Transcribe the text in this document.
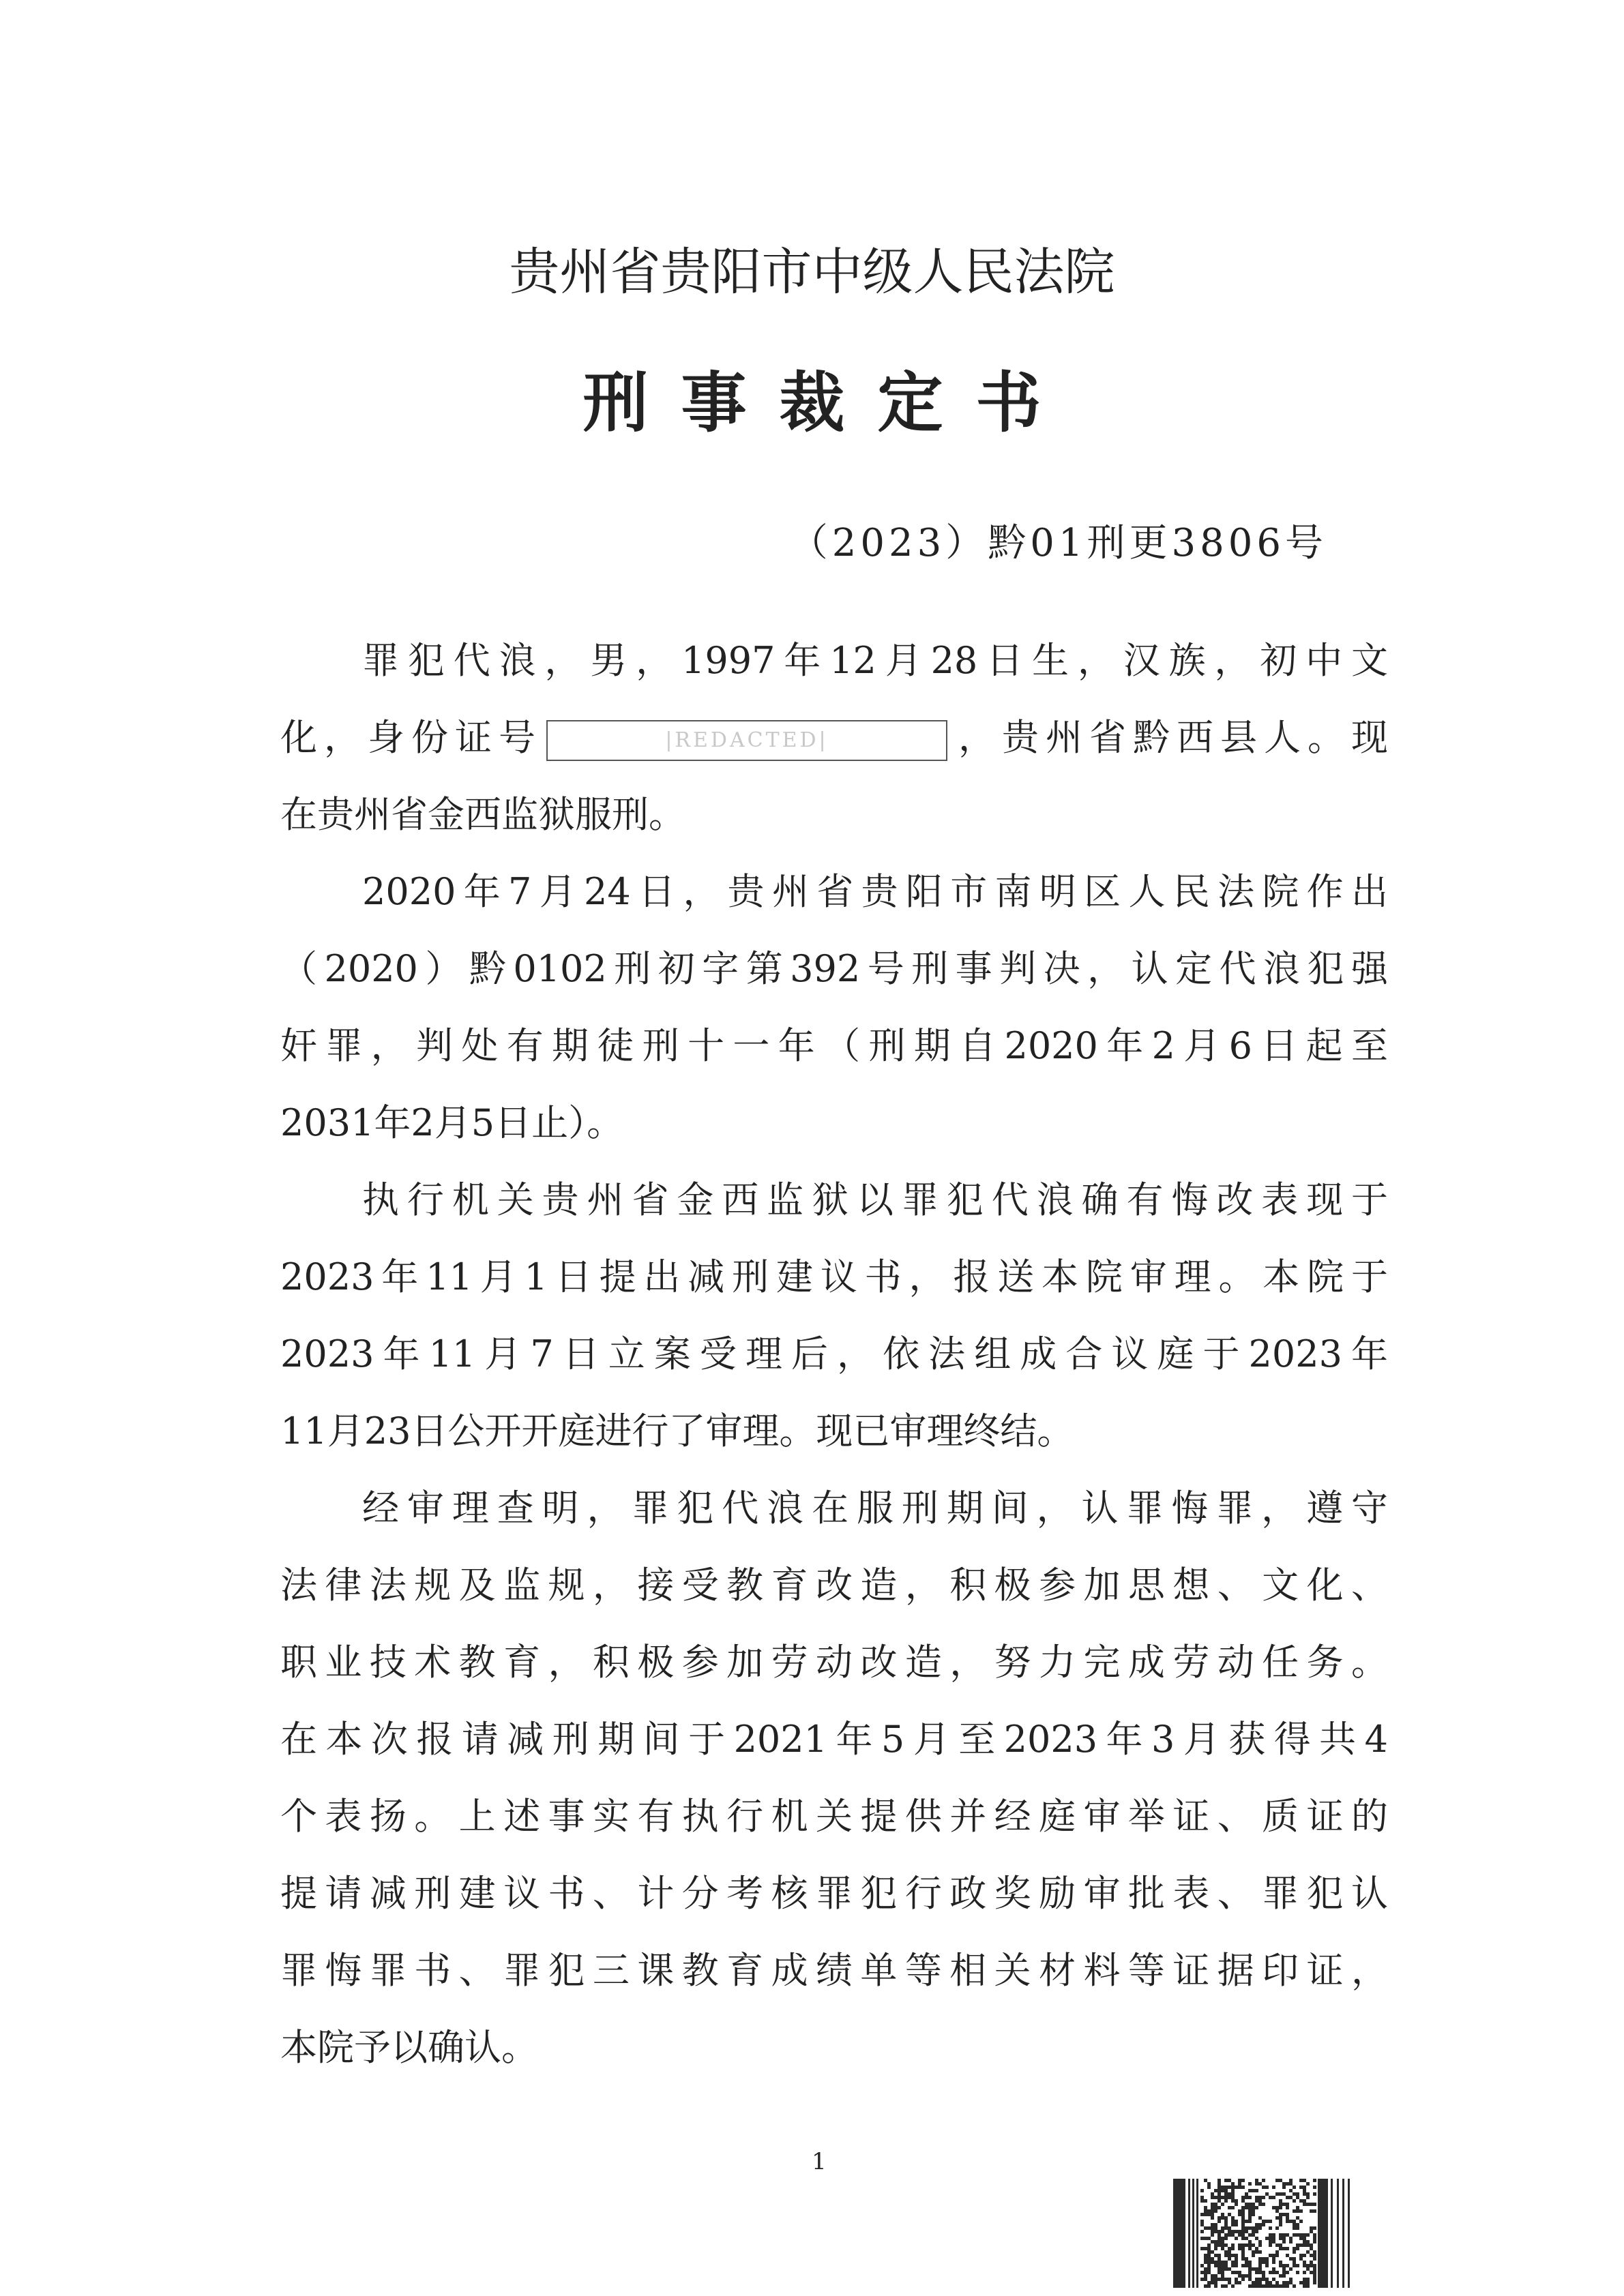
贵州省贵阳市中级人民法院
刑事裁定书
（2023）黔01刑更3806号
罪犯代浪，男，1997年12月28日生，汉族，初中文
化，身份证号	|REDACTED|	，贵州省黔西县人。现
在贵州省金西监狱服刑。
2020年7月24日，贵州省贵阳市南明区人民法院作出
（2020）黔0102刑初字第392号刑事判决，认定代浪犯强
奸罪，判处有期徒刑十一年（刑期自2020年2月6日起至
2031年2月5日止）。
执行机关贵州省金西监狱以罪犯代浪确有悔改表现于
2023年11月1日提出减刑建议书，报送本院审理。本院于
2023年11月7日立案受理后，依法组成合议庭于2023年
11月23日公开开庭进行了审理。现已审理终结。
经审理查明，罪犯代浪在服刑期间，认罪悔罪，遵守
法律法规及监规，接受教育改造，积极参加思想、文化、
职业技术教育，积极参加劳动改造，努力完成劳动任务。
在本次报请减刑期间于2021年5月至2023年3月获得共4
个表扬。上述事实有执行机关提供并经庭审举证、质证的
提请减刑建议书、计分考核罪犯行政奖励审批表、罪犯认
罪悔罪书、罪犯三课教育成绩单等相关材料等证据印证，
本院予以确认。
1
